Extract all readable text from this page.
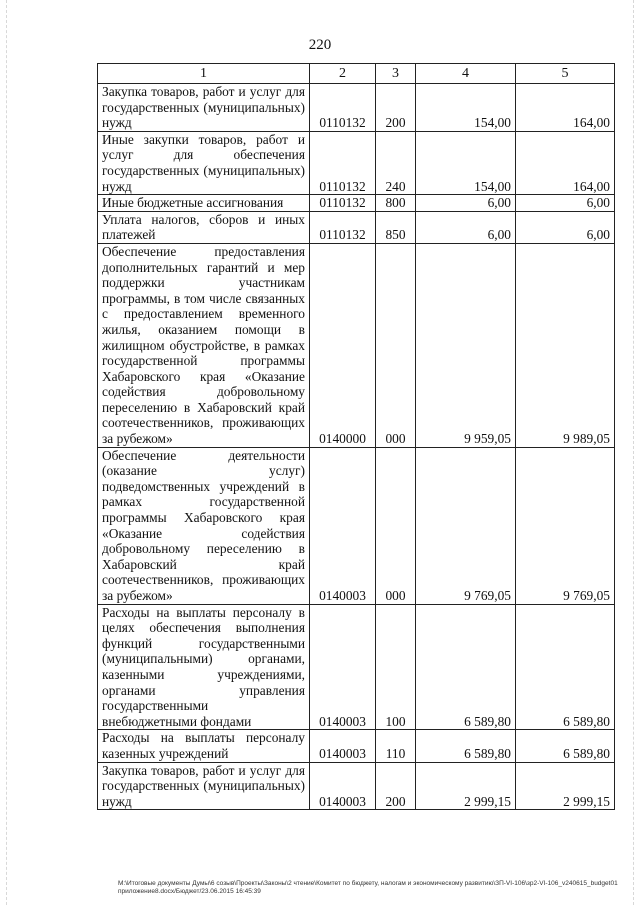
220
1	2	3	4	5
Закупка товаров, работ и услуг для государственных (муниципальных) нужд	0110132	200	154,00	164,00
Иные закупки товаров, работ и услуг для обеспечения государственных (муниципальных) нужд	0110132	240	154,00	164,00
Иные бюджетные ассигнования	0110132	800	6,00	6,00
Уплата налогов, сборов и иных платежей	0110132	850	6,00	6,00
Обеспечение предоставления дополнительных гарантий и мер поддержки участникам программы, в том числе связанных с предоставлением временного жилья, оказанием помощи в жилищном обустройстве, в рамках государственной программы Хабаровского края «Оказание содействия добровольному переселению в Хабаровский край соотечественников, проживающих за рубежом»	0140000	000	9 959,05	9 989,05
Обеспечение деятельности (оказание услуг) подведомственных учреждений в рамках государственной программы Хабаровского края «Оказание содействия добровольному переселению в Хабаровский край соотечественников, проживающих за рубежом»	0140003	000	9 769,05	9 769,05
Расходы на выплаты персоналу в целях обеспечения выполнения функций государственными (муниципальными) органами, казенными учреждениями, органами управления государственными внебюджетными фондами	0140003	100	6 589,80	6 589,80
Расходы на выплаты персоналу казенных учреждений	0140003	110	6 589,80	6 589,80
Закупка товаров, работ и услуг для государственных (муниципальных) нужд	0140003	200	2 999,15	2 999,15
М:\Итоговые документы Думы\6 созыв\Проекты\Законы\2 чтение\Комитет по бюджету, налогам и экономическому развитию\ЗП-VI-106\зр2-VI-106_v240615_budget01приложение8.docx/Бюджет/23.06.2015 16:45:39
